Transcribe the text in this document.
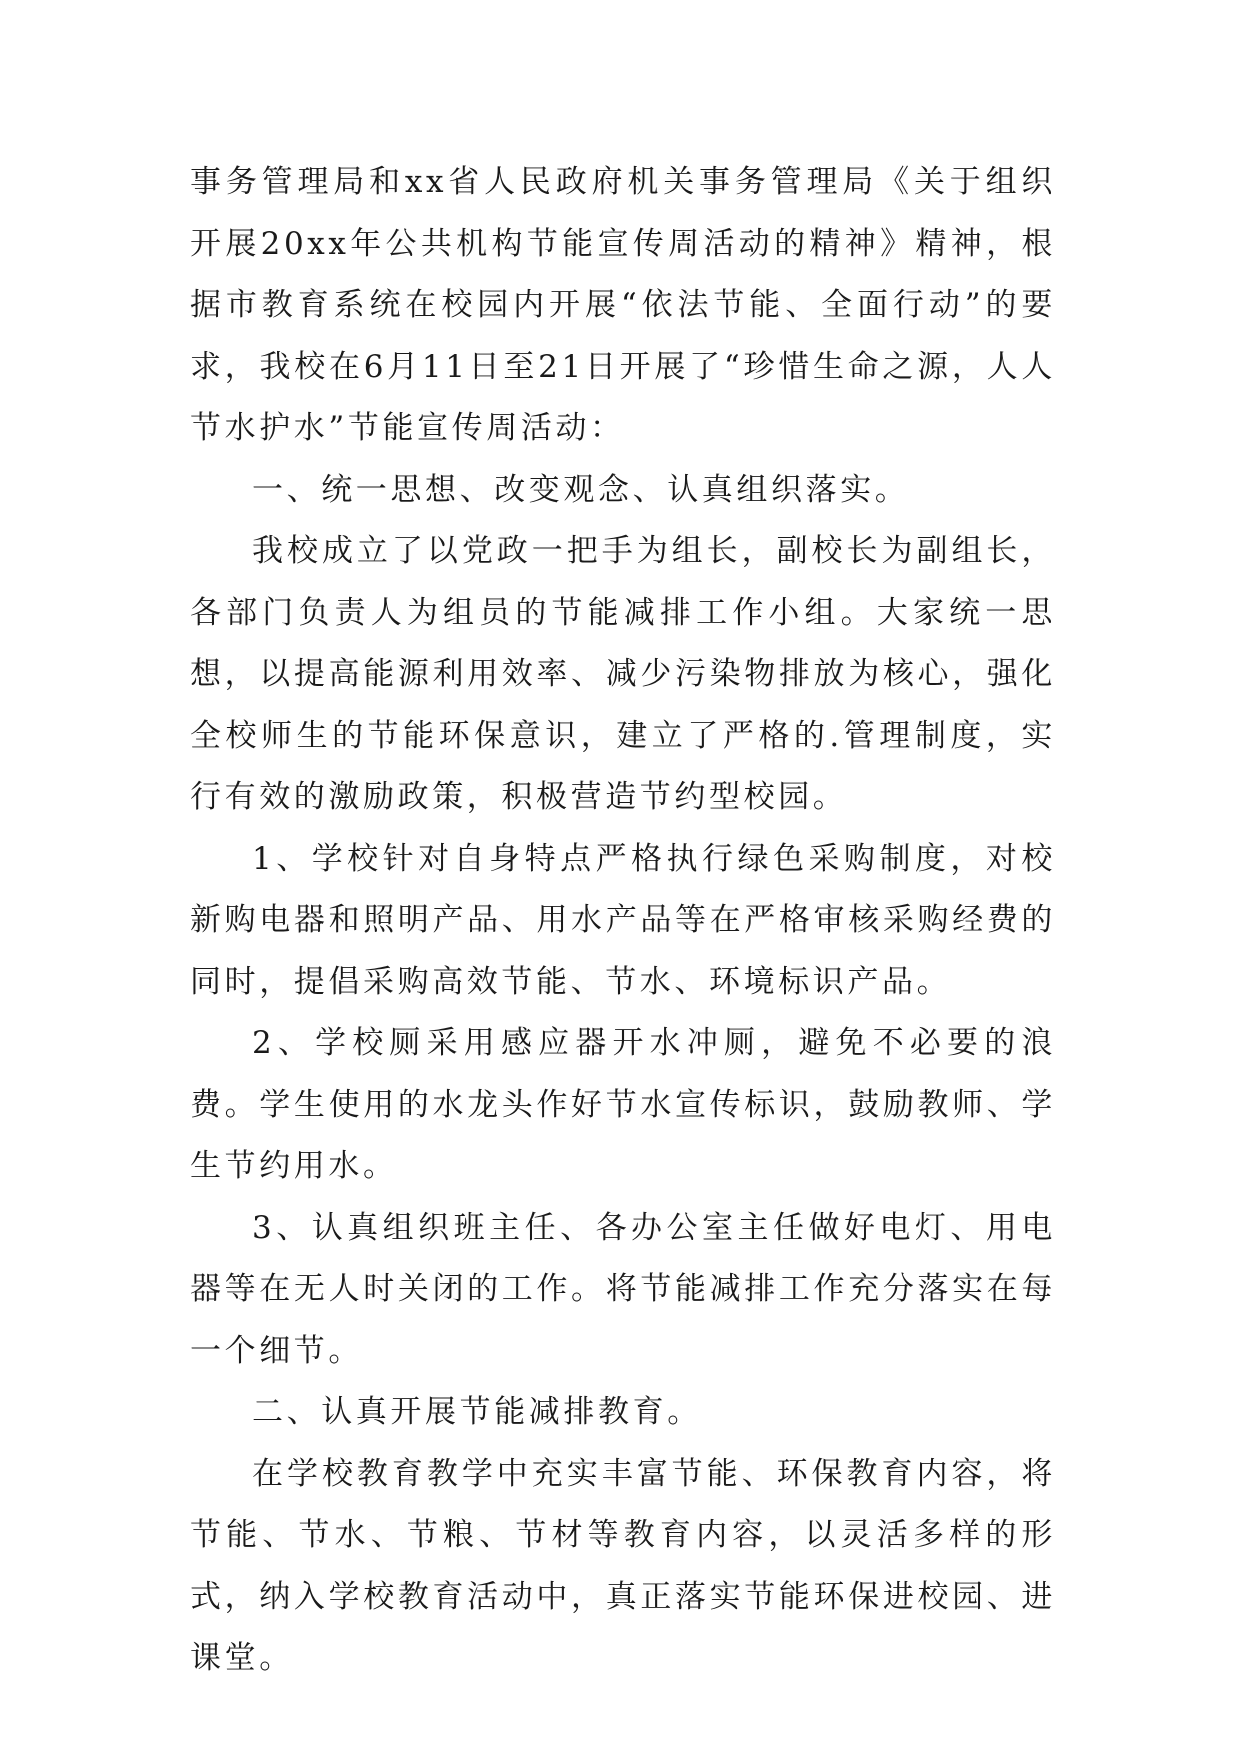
事务管理局和xx省人民政府机关事务管理局《关于组织开展20xx年公共机构节能宣传周活动的精神》精神，根据市教育系统在校园内开展“依法节能、全面行动”的要求，我校在6月11日至21日开展了“珍惜生命之源，人人节水护水”节能宣传周活动：

一、统一思想、改变观念、认真组织落实。

我校成立了以党政一把手为组长，副校长为副组长，各部门负责人为组员的节能减排工作小组。大家统一思想，以提高能源利用效率、减少污染物排放为核心，强化全校师生的节能环保意识，建立了严格的.管理制度，实行有效的激励政策，积极营造节约型校园。

1、学校针对自身特点严格执行绿色采购制度，对校新购电器和照明产品、用水产品等在严格审核采购经费的同时，提倡采购高效节能、节水、环境标识产品。

2、学校厕采用感应器开水冲厕，避免不必要的浪费。学生使用的水龙头作好节水宣传标识，鼓励教师、学生节约用水。

3、认真组织班主任、各办公室主任做好电灯、用电器等在无人时关闭的工作。将节能减排工作充分落实在每一个细节。

二、认真开展节能减排教育。

在学校教育教学中充实丰富节能、环保教育内容，将节能、节水、节粮、节材等教育内容，以灵活多样的形式，纳入学校教育活动中，真正落实节能环保进校园、进课堂。
